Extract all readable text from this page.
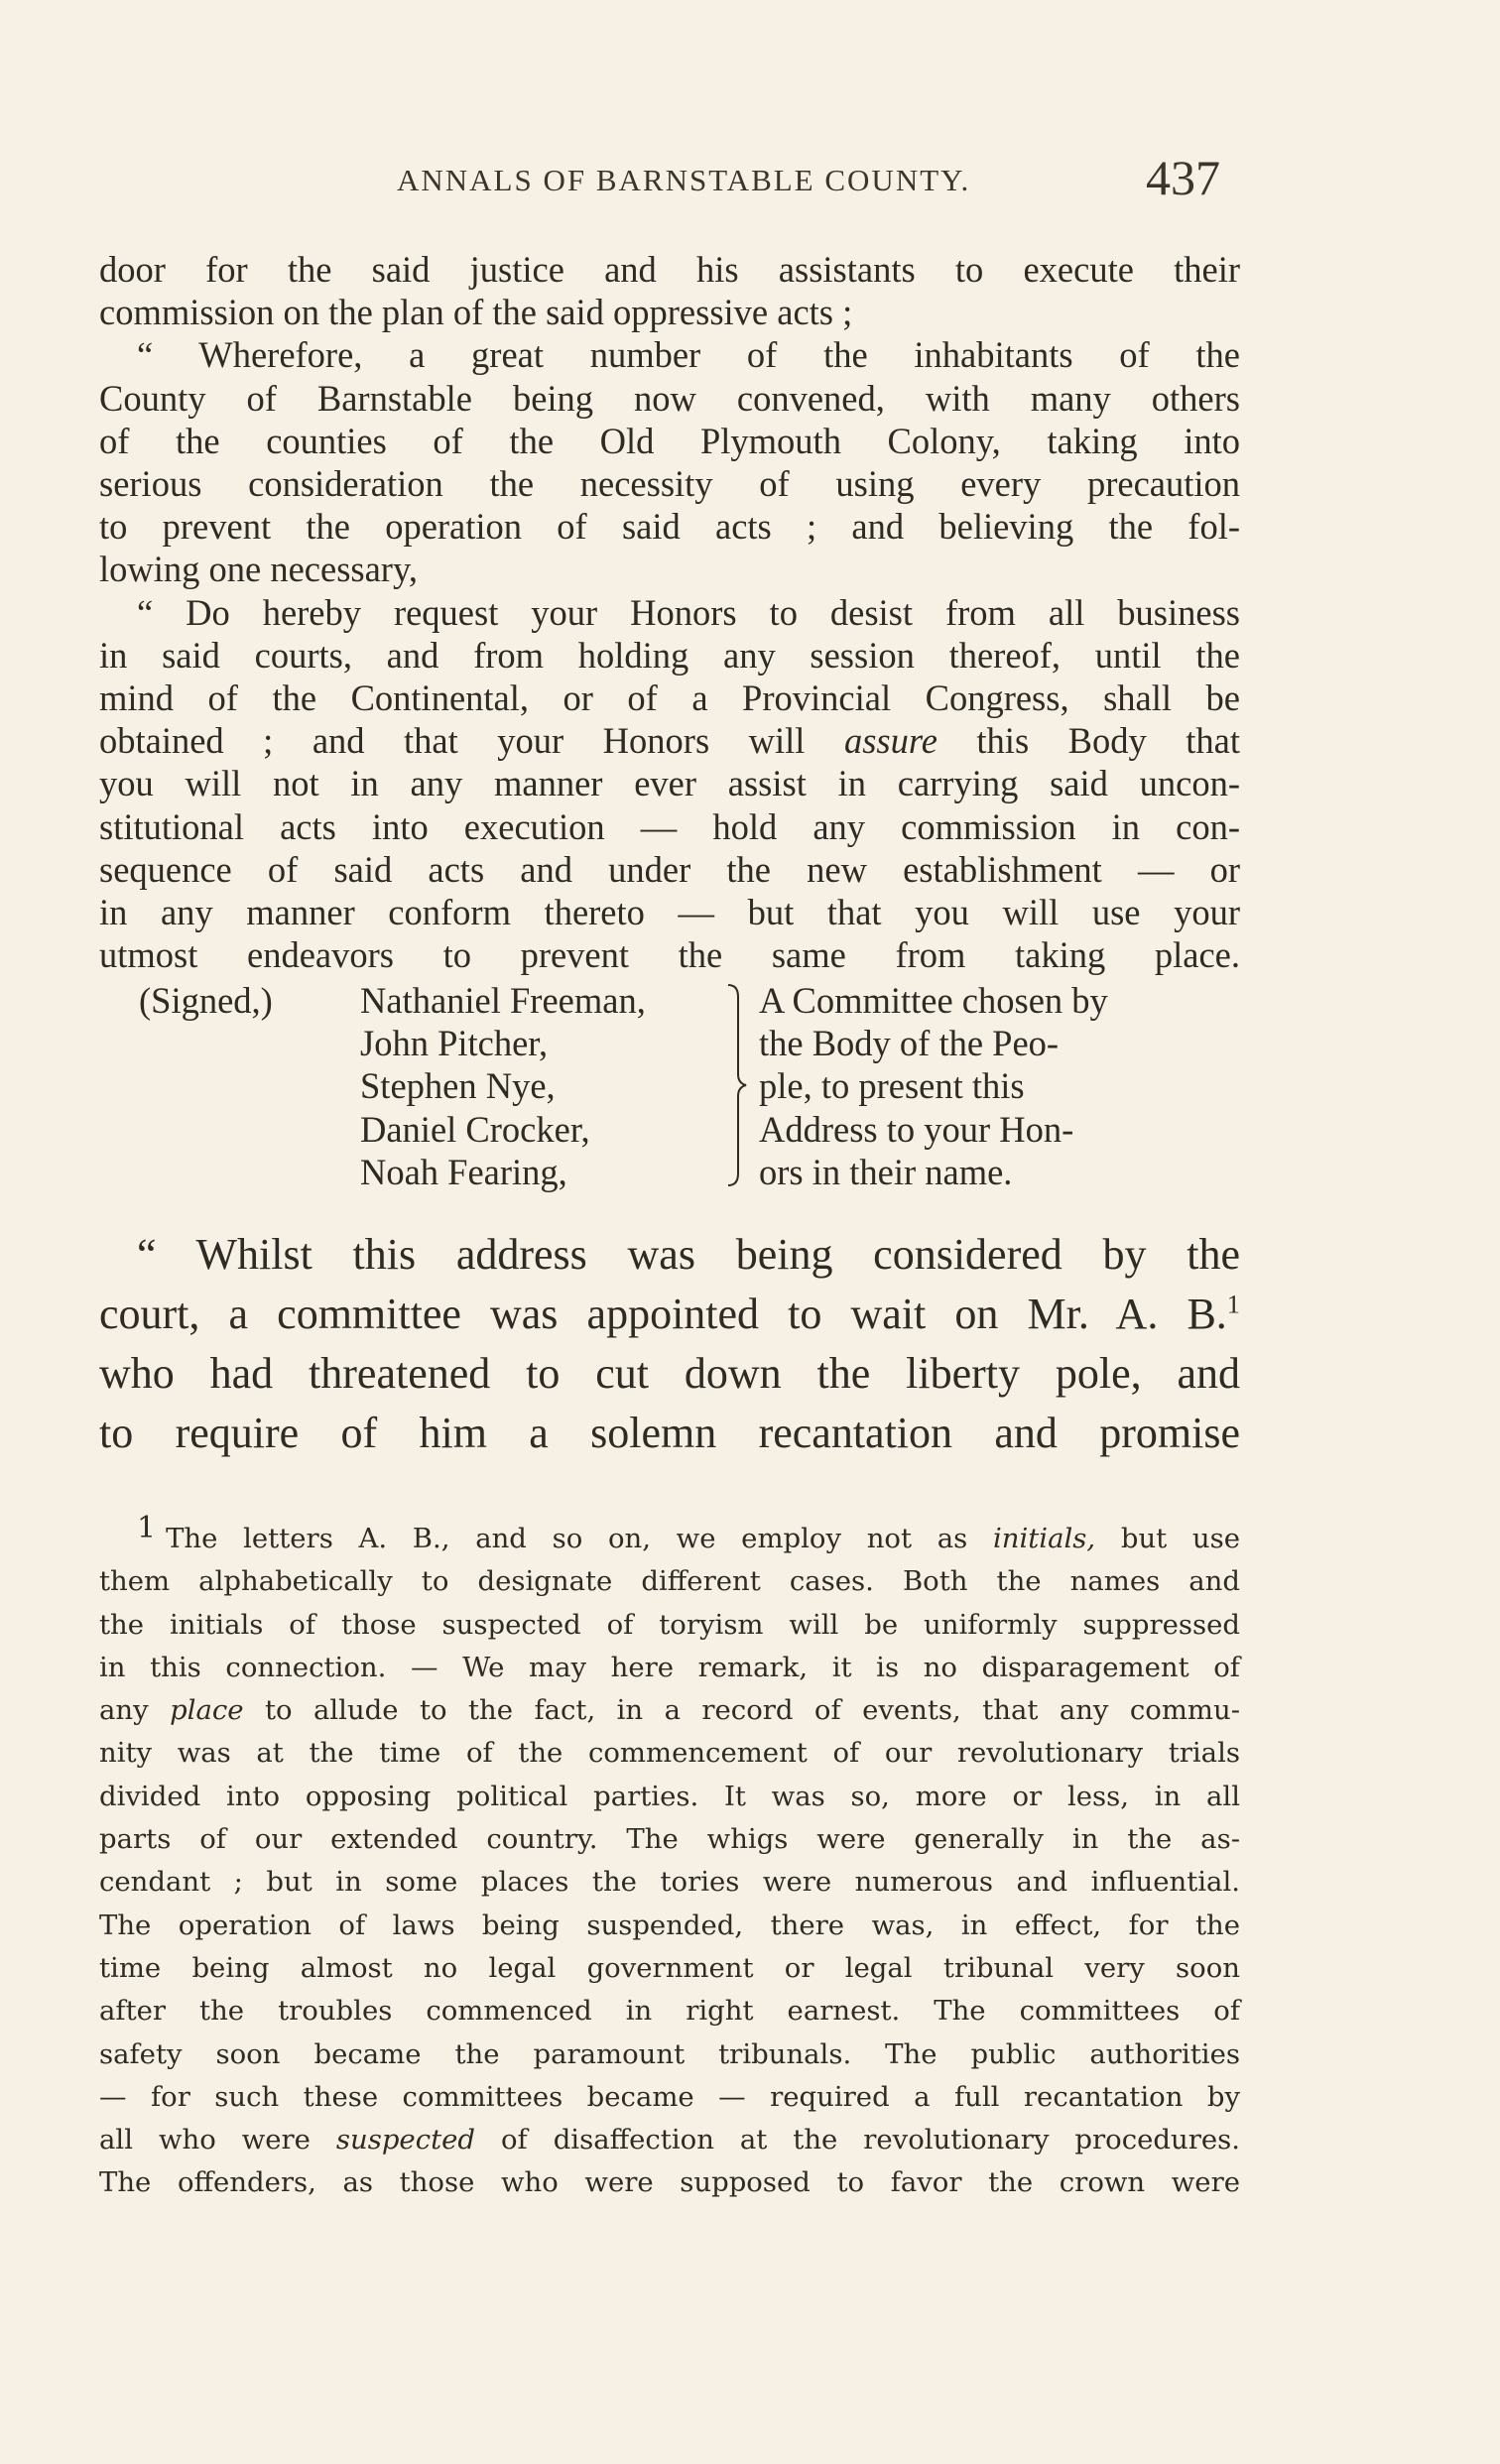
ANNALS OF BARNSTABLE COUNTY.	437
door for the said justice and his assistants to execute their
commission on the plan of the said oppressive acts ;
“ Wherefore, a great number of the inhabitants of the
County of Barnstable being now convened, with many others
of the counties of the Old Plymouth Colony, taking into
serious consideration the necessity of using every precaution
to prevent the operation of said acts ; and believing the fol-
lowing one necessary,
“ Do hereby request your Honors to desist from all business
in said courts, and from holding any session thereof, until the
mind of the Continental, or of a Provincial Congress, shall be
obtained ; and that your Honors will assure this Body that
you will not in any manner ever assist in carrying said uncon-
stitutional acts into execution — hold any commission in con-
sequence of said acts and under the new establishment — or
in any manner conform thereto — but that you will use your
utmost endeavors to prevent the same from taking place.
(Signed,) Nathaniel Freeman,
John Pitcher,
Stephen Nye,
Daniel Crocker,
Noah Fearing,
A Committee chosen by
the Body of the Peo-
ple, to present this
Address to your Hon-
ors in their name.
“ Whilst this address was being considered by the
court, a committee was appointed to wait on Mr. A. B.$^1$
who had threatened to cut down the liberty pole, and
to require of him a solemn recantation and promise
$^1$ The letters A. B., and so on, we employ not as initials, but use
them alphabetically to designate different cases. Both the names and
the initials of those suspected of toryism will be uniformly suppressed
in this connection. — We may here remark, it is no disparagement of
any place to allude to the fact, in a record of events, that any commu-
nity was at the time of the commencement of our revolutionary trials
divided into opposing political parties. It was so, more or less, in all
parts of our extended country. The whigs were generally in the as-
cendant ; but in some places the tories were numerous and influential.
The operation of laws being suspended, there was, in effect, for the
time being almost no legal government or legal tribunal very soon
after the troubles commenced in right earnest. The committees of
safety soon became the paramount tribunals. The public authorities
— for such these committees became — required a full recantation by
all who were suspected of disaffection at the revolutionary procedures.
The offenders, as those who were supposed to favor the crown were
